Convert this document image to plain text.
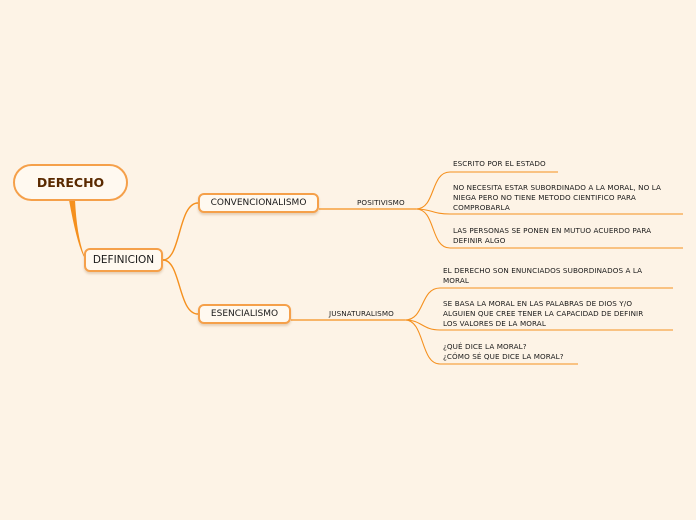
DERECHO
DEFINICION
CONVENCIONALISMO
ESENCIALISMO
POSITIVISMO
JUSNATURALISMO
ESCRITO POR EL ESTADO
NO NECESITA ESTAR SUBORDINADO A LA MORAL, NO LA
NIEGA PERO NO TIENE METODO CIENTIFICO PARA
COMPROBARLA
LAS PERSONAS SE PONEN EN MUTUO ACUERDO PARA
DEFINIR ALGO
EL DERECHO SON ENUNCIADOS SUBORDINADOS A LA
MORAL
SE BASA LA MORAL EN LAS PALABRAS DE DIOS Y/O
ALGUIEN QUE CREE TENER LA CAPACIDAD DE DEFINIR
LOS VALORES DE LA MORAL
¿QUÉ DICE LA MORAL?
¿CÓMO SÉ QUE DICE LA MORAL?
